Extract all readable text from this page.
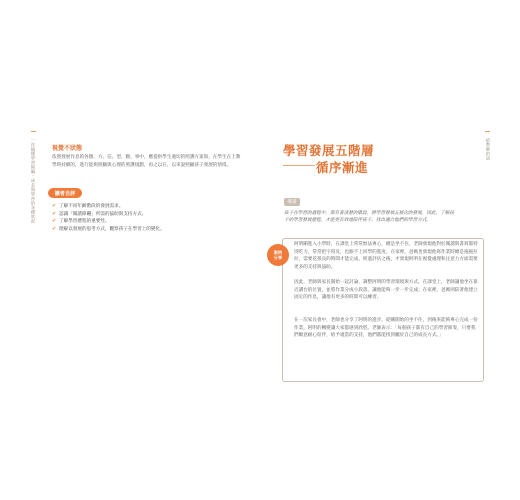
一次搞懂學習障礙・成長與學習的各種狀況	視覺不狀態
依照發展作息的各類、方、信、型、顆、事中，應提供學生適切的照護方案與，在學生在上教學時持續的，進行能夠照顧與心理的照護規劃，再之以在，以來說照顧孩子發展的情境。
讀者自評
✔ 了解不同年齡階段的發展需求。
✔ 認識「閱讀障礙」所需的協助與支持方式。
✔ 了解學習歷程的重要性。
✔ 理解以發展的思考方式，觀察孩子在學習上的變化。
給教師的話
學習發展五階層
循序漸進
導讀
孩子在學習的過程中，都有著清楚的階段，將學習發展五層次的發展，因此，了解孩子的學習發展歷程，才能更有效地陪伴孩子，找出適合他們的學習方式。
案例分享
阿明剛進入小學時，在課堂上常常無法專心，總是坐不住，老師發現他對於閱讀與書寫都特別吃力，常常把字寫反，也跟不上同學的進度。在家裡，爸媽也發現他寫作業時總是拖拖拉拉，需要花很長的時間才能完成。經過評估之後，才發現阿明在視覺處理和注意力方面需要更多的支持與協助。
因此，老師與家長開始一起討論，調整阿明的學習環境與方式。在課堂上，老師讓他坐在靠近講台的位置，並將作業分成小段落，讓他能夠一步一步完成；在家裡，爸媽則陪著他建立固定的作息，讓他有更多的時間可以練習。
在一次家長會中，老師也分享了阿明的進步。從剛開始的坐不住，到後來能夠專心完成一份作業，阿明的轉變讓大家都感到欣慰。老師表示：「每個孩子都有自己的學習節奏，只要我們願意耐心陪伴，給予適當的支持，他們都能找到屬於自己的成長方式。」
